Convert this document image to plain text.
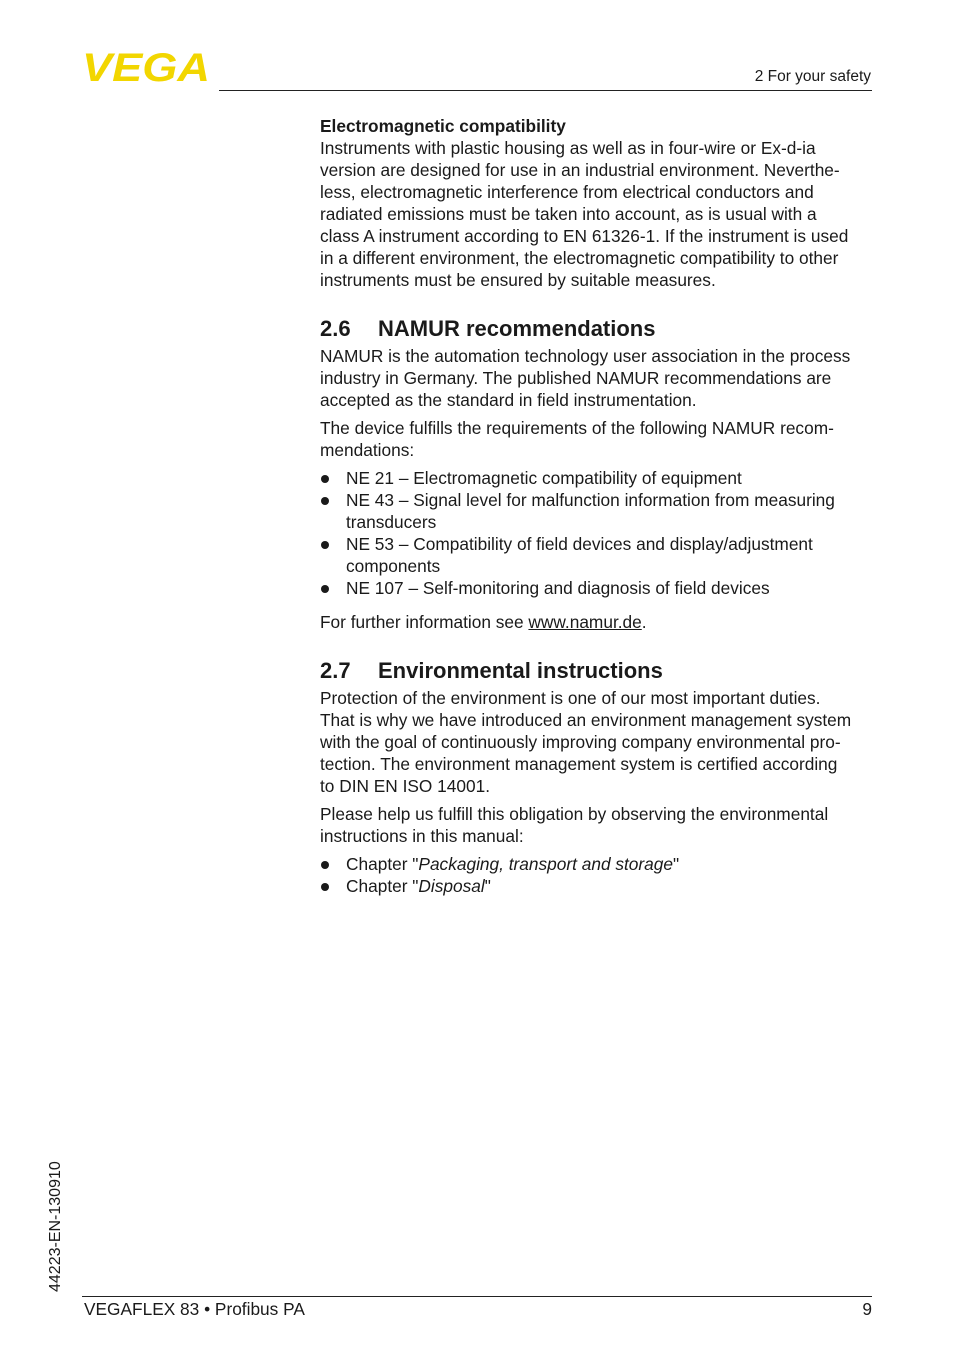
VEGA	2 For your safety

Electromagnetic compatibility

Instruments with plastic housing as well as in four-wire or Ex-d-ia
version are designed for use in an industrial environment. Neverthe-
less, electromagnetic interference from electrical conductors and
radiated emissions must be taken into account, as is usual with a
class A instrument according to EN 61326-1. If the instrument is used
in a different environment, the electromagnetic compatibility to other
instruments must be ensured by suitable measures.

2.6 NAMUR recommendations

NAMUR is the automation technology user association in the process
industry in Germany. The published NAMUR recommendations are
accepted as the standard in field instrumentation.

The device fulfills the requirements of the following NAMUR recom-
mendations:

NE 21 – Electromagnetic compatibility of equipment
NE 43 – Signal level for malfunction information from measuring
transducers
NE 53 – Compatibility of field devices and display/adjustment
components
NE 107 – Self-monitoring and diagnosis of field devices

For further information see www.namur.de.

2.7 Environmental instructions

Protection of the environment is one of our most important duties.
That is why we have introduced an environment management system
with the goal of continuously improving company environmental pro-
tection. The environment management system is certified according
to DIN EN ISO 14001.

Please help us fulfill this obligation by observing the environmental
instructions in this manual:

Chapter "Packaging, transport and storage"
Chapter "Disposal"
44223-EN-130910
VEGAFLEX 83 • Profibus PA	9
